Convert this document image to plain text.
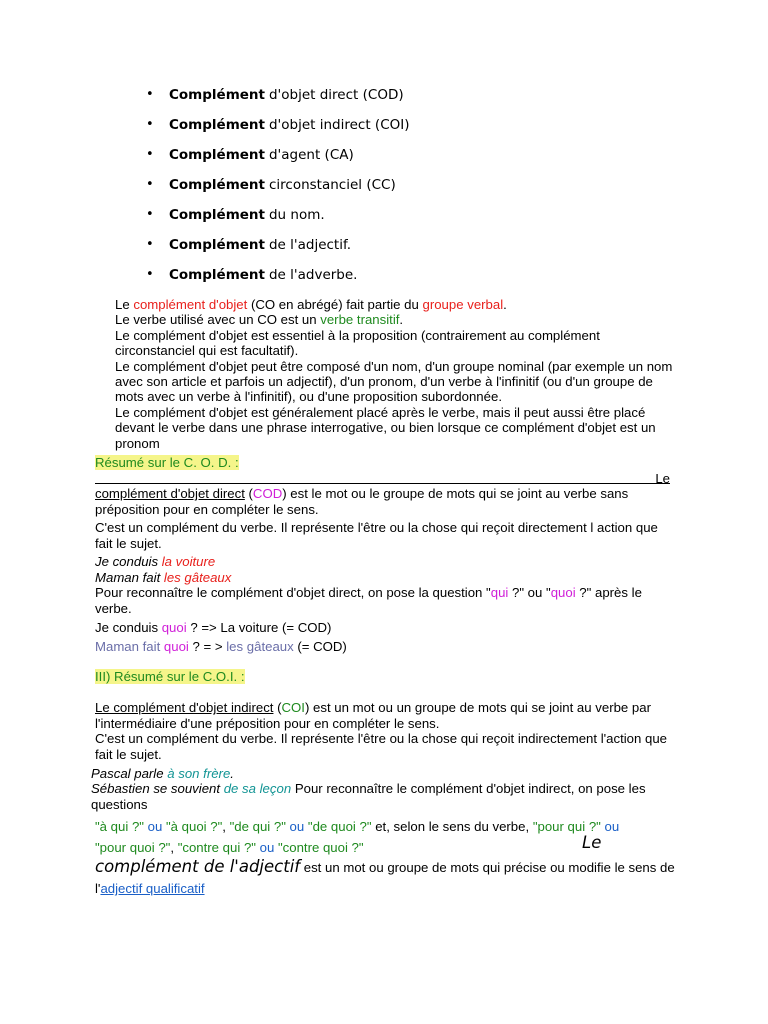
•	Complément d'objet direct (COD)
•	Complément d'objet indirect (COI)
•	Complément d'agent (CA)
•	Complément circonstanciel (CC)
•	Complément du nom.
•	Complément de l'adjectif.
•	Complément de l'adverbe.
Le complément d'objet (CO en abrégé) fait partie du groupe verbal.
Le verbe utilisé avec un CO est un verbe transitif.
Le complément d'objet est essentiel à la proposition (contrairement au complément circonstanciel qui est facultatif).
Le complément d'objet peut être composé d'un nom, d'un groupe nominal (par exemple un nom avec son article et parfois un adjectif), d'un pronom, d'un verbe à l'infinitif (ou d'un groupe de mots avec un verbe à l'infinitif), ou d'une proposition subordonnée.
Le complément d'objet est généralement placé après le verbe, mais il peut aussi être placé devant le verbe dans une phrase interrogative, ou bien lorsque ce complément d'objet est un pronom
Résumé sur le C. O. D. :
Le
complément d'objet direct (COD) est le mot ou le groupe de mots qui se joint au verbe sans préposition pour en compléter le sens.
C'est un complément du verbe. Il représente l'être ou la chose qui reçoit directement l action que fait le sujet.
Je conduis la voiture
Maman fait les gâteaux
Pour reconnaître le complément d'objet direct, on pose la question "qui ?" ou "quoi ?" après le verbe.
Je conduis quoi ? => La voiture (= COD)
Maman fait quoi ? = > les gâteaux (= COD)
III) Résumé sur le C.O.I. :
Le complément d'objet indirect (COI) est un mot ou un groupe de mots qui se joint au verbe par l'intermédiaire d'une préposition pour en compléter le sens.
C'est un complément du verbe. Il représente l'être ou la chose qui reçoit indirectement l'action que fait le sujet.
Pascal parle à son frère.
Sébastien se souvient de sa leçon Pour reconnaître le complément d'objet indirect, on pose les questions
"à qui ?" ou "à quoi ?", "de qui ?" ou "de quoi ?" et, selon le sens du verbe, "pour qui ?" ou
"pour quoi ?", "contre qui ?" ou "contre quoi ?"	Le
complément de l'adjectif est un mot ou groupe de mots qui précise ou modifie le sens de l'adjectif qualificatif
